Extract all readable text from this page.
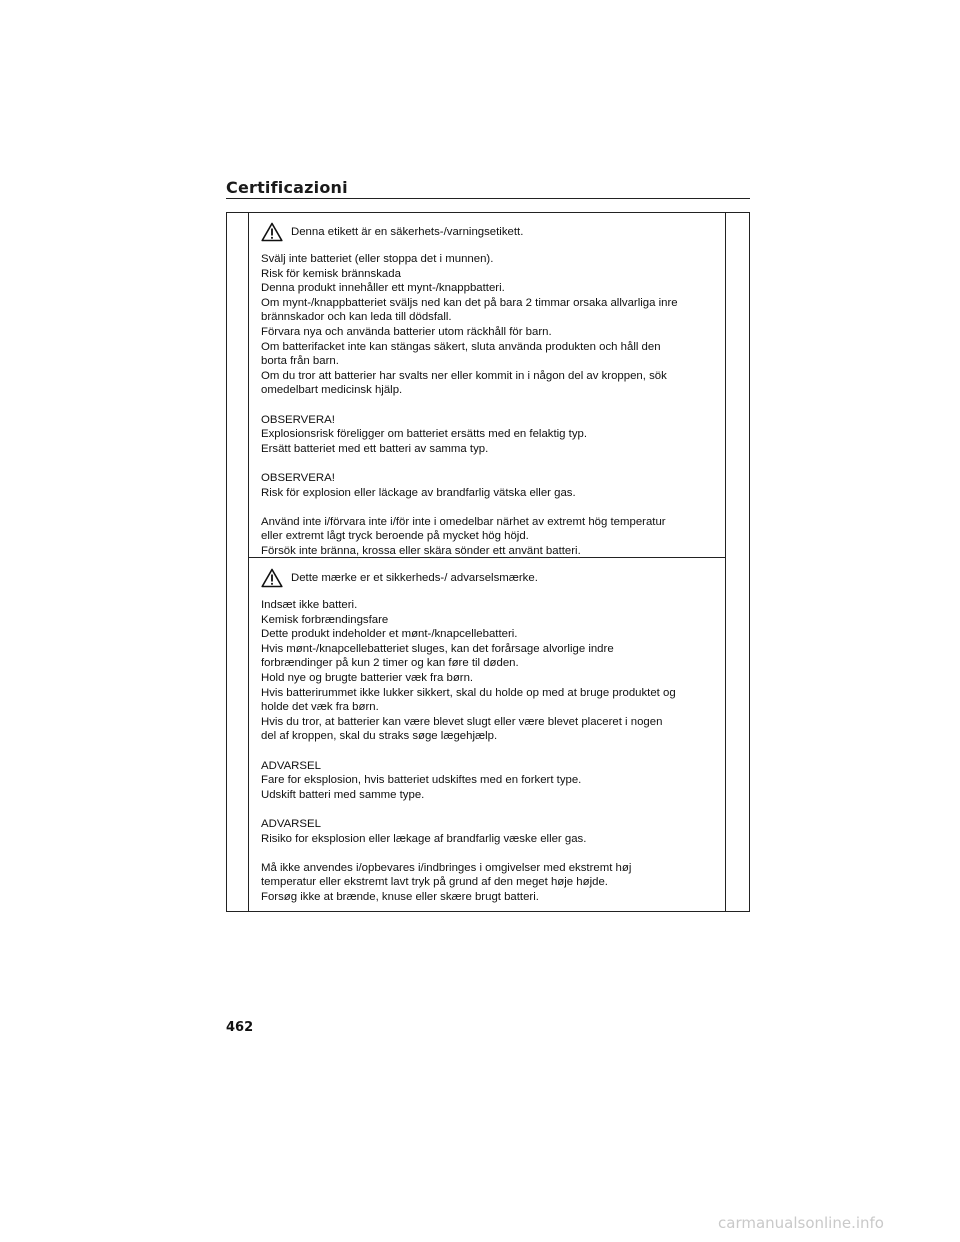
Certificazioni
Denna etikett är en säkerhets-/varningsetikett.
Svälj inte batteriet (eller stoppa det i munnen).
Risk för kemisk brännskada
Denna produkt innehåller ett mynt-/knappbatteri.
Om mynt-/knappbatteriet sväljs ned kan det på bara 2 timmar orsaka allvarliga inre
brännskador och kan leda till dödsfall.
Förvara nya och använda batterier utom räckhåll för barn.
Om batterifacket inte kan stängas säkert, sluta använda produkten och håll den
borta från barn.
Om du tror att batterier har svalts ner eller kommit in i någon del av kroppen, sök
omedelbart medicinsk hjälp.
OBSERVERA!
Explosionsrisk föreligger om batteriet ersätts med en felaktig typ.
Ersätt batteriet med ett batteri av samma typ.
OBSERVERA!
Risk för explosion eller läckage av brandfarlig vätska eller gas.
Använd inte i/förvara inte i/för inte i omedelbar närhet av extremt hög temperatur
eller extremt lågt tryck beroende på mycket hög höjd.
Försök inte bränna, krossa eller skära sönder ett använt batteri.
Dette mærke er et sikkerheds-/ advarselsmærke.
Indsæt ikke batteri.
Kemisk forbrændingsfare
Dette produkt indeholder et mønt-/knapcellebatteri.
Hvis mønt-/knapcellebatteriet sluges, kan det forårsage alvorlige indre
forbrændinger på kun 2 timer og kan føre til døden.
Hold nye og brugte batterier væk fra børn.
Hvis batterirummet ikke lukker sikkert, skal du holde op med at bruge produktet og
holde det væk fra børn.
Hvis du tror, at batterier kan være blevet slugt eller være blevet placeret i nogen
del af kroppen, skal du straks søge lægehjælp.
ADVARSEL
Fare for eksplosion, hvis batteriet udskiftes med en forkert type.
Udskift batteri med samme type.
ADVARSEL
Risiko for eksplosion eller lækage af brandfarlig væske eller gas.
Må ikke anvendes i/opbevares i/indbringes i omgivelser med ekstremt høj
temperatur eller ekstremt lavt tryk på grund af den meget høje højde.
Forsøg ikke at brænde, knuse eller skære brugt batteri.
462
carmanualsonline.info
